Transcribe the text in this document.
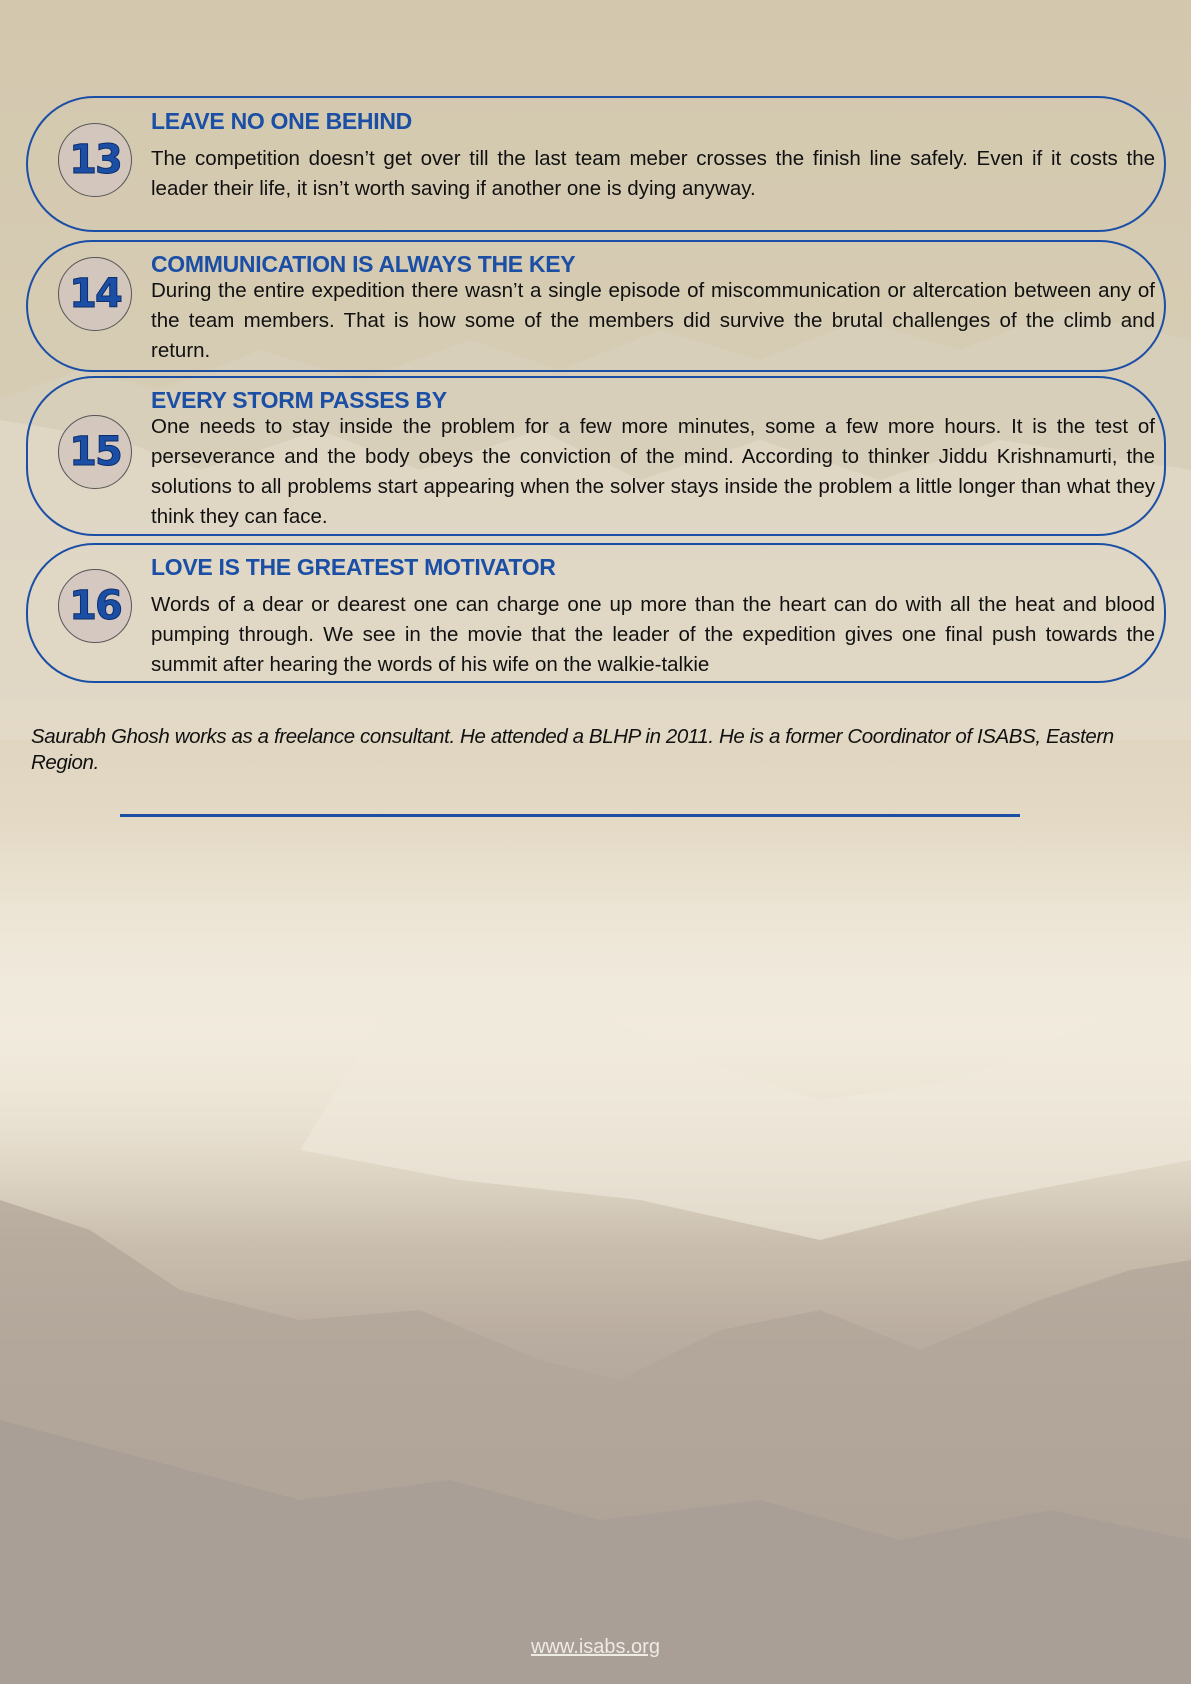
13
LEAVE NO ONE BEHIND
The competition doesn’t get over till the last team meber crosses the finish line safely. Even if it costs the leader their life, it isn’t worth saving if another one is dying anyway.
14
COMMUNICATION IS ALWAYS THE KEY
During the entire expedition there wasn’t a single episode of miscommunication or altercation between any of the team members. That is how some of the members did survive the brutal challenges of the climb and return.
15
EVERY STORM PASSES BY
One needs to stay inside the problem for a few more minutes, some a few more hours. It is the test of perseverance and the body obeys the conviction of the mind. According to thinker Jiddu Krishnamurti, the solutions to all problems start appearing when the solver stays inside the problem a little longer than what they think they can face.
16
LOVE IS THE GREATEST MOTIVATOR
Words of a dear or dearest one can charge one up more than the heart can do with all the heat and blood pumping through. We see in the movie that the leader of the expedition gives one final push towards the summit after hearing the words of his wife on the walkie-talkie
Saurabh Ghosh works as a freelance consultant. He attended a BLHP in 2011. He is a former Coordinator of ISABS, Eastern Region.
www.isabs.org
